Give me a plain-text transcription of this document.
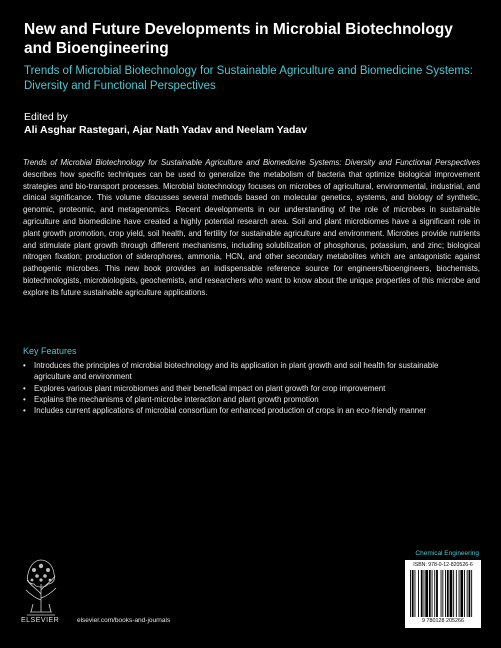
New and Future Developments in Microbial Biotechnology and Bioengineering

Trends of Microbial Biotechnology for Sustainable Agriculture and Biomedicine Systems: Diversity and Functional Perspectives

Edited by
Ali Asghar Rastegari, Ajar Nath Yadav and Neelam Yadav

Trends of Microbial Biotechnology for Sustainable Agriculture and Biomedicine Systems: Diversity and Functional Perspectives describes how specific techniques can be used to generalize the metabolism of bacteria that optimize biological improvement strategies and bio-transport processes. Microbial biotechnology focuses on microbes of agricultural, environmental, industrial, and clinical significance. This volume discusses several methods based on molecular genetics, systems, and biology of synthetic, genomic, proteomic, and metagenomics. Recent developments in our understanding of the role of microbes in sustainable agriculture and biomedicine have created a highly potential research area. Soil and plant microbiomes have a significant role in plant growth promotion, crop yield, soil health, and fertility for sustainable agriculture and environment. Microbes provide nutrients and stimulate plant growth through different mechanisms, including solubilization of phosphorus, potassium, and zinc; biological nitrogen fixation; production of siderophores, ammonia, HCN, and other secondary metabolites which are antagonistic against pathogenic microbes. This new book provides an indispensable reference source for engineers/bioengineers, biochemists, biotechnologists, microbiologists, geochemists, and researchers who want to know about the unique properties of this microbe and explore its future sustainable agriculture applications.

Key Features
• Introduces the principles of microbial biotechnology and its application in plant growth and soil health for sustainable agriculture and environment
• Explores various plant microbiomes and their beneficial impact on plant growth for crop improvement
• Explains the mechanisms of plant-microbe interaction and plant growth promotion
• Includes current applications of microbial consortium for enhanced production of crops in an eco-friendly manner
ELSEVIER	elsevier.com/books-and-journals
Chemical Engineering
ISBN: 978-0-12-820526-6
9 780128 205266
